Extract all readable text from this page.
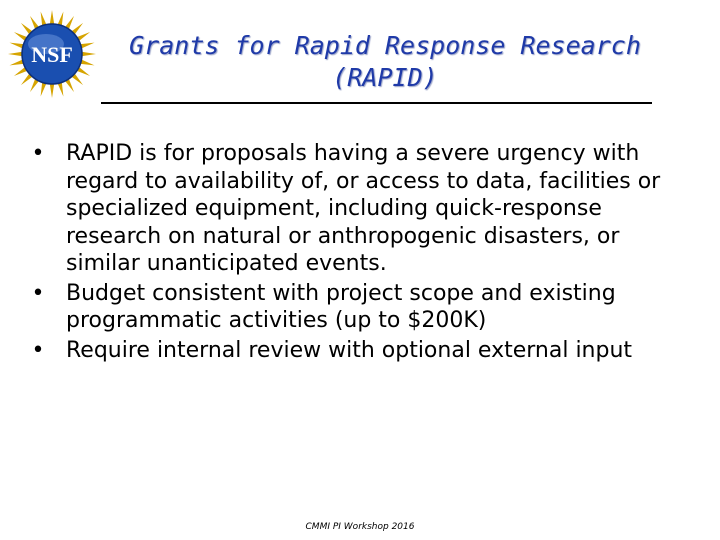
NSF	Grants for Rapid Response Research
(RAPID)
• RAPID is for proposals having a severe urgency with regard to availability of, or access to data, facilities or specialized equipment, including quick-response research on natural or anthropogenic disasters, or similar unanticipated events.
• Budget consistent with project scope and existing programmatic activities (up to $200K)
• Require internal review with optional external input
CMMI PI Workshop 2016
